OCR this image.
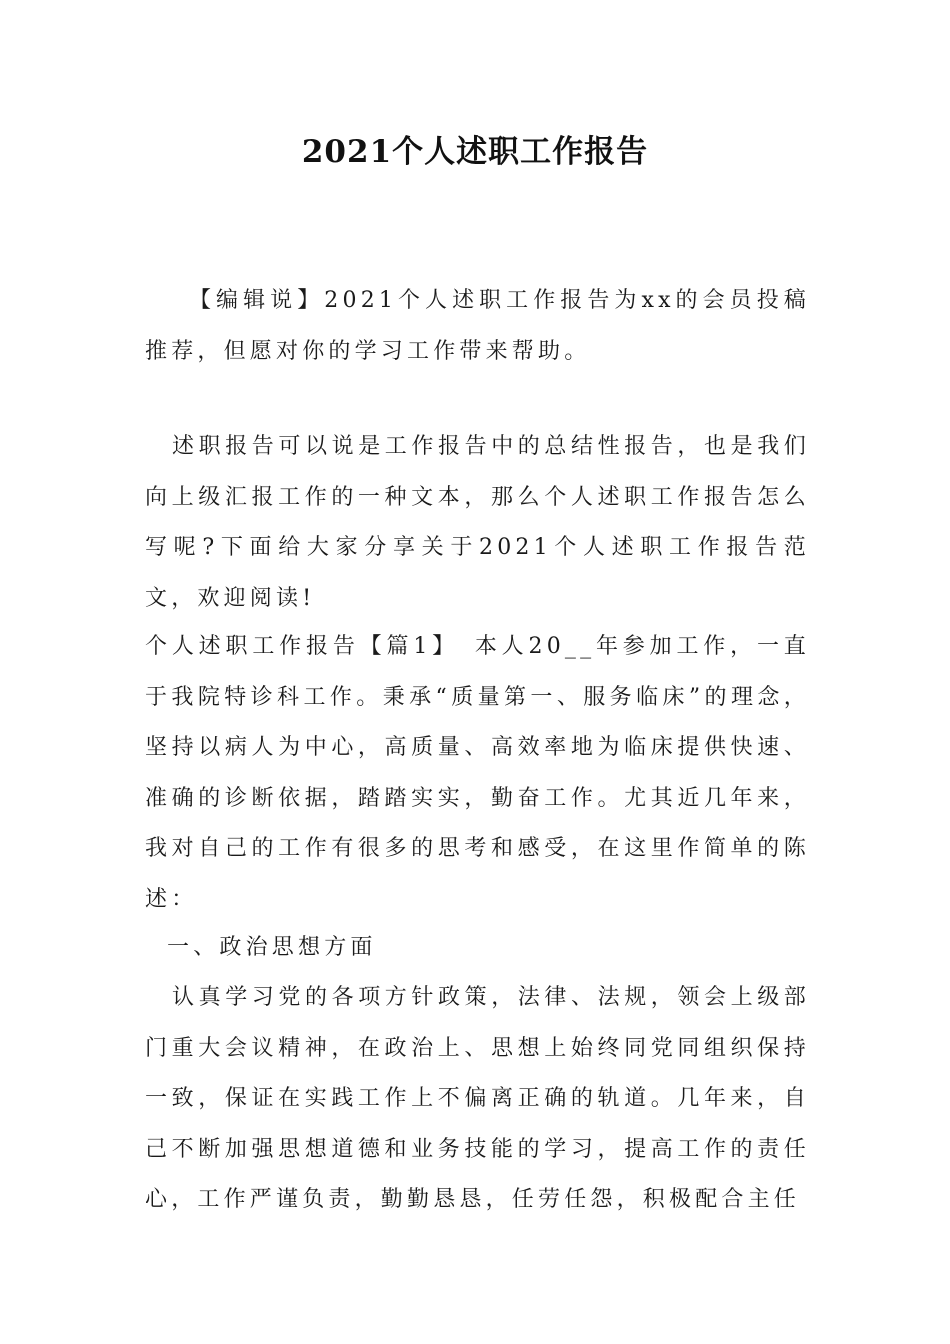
2021个人述职工作报告

【编辑说】2021个人述职工作报告为xx的会员投稿推荐，但愿对你的学习工作带来帮助。

述职报告可以说是工作报告中的总结性报告，也是我们向上级汇报工作的一种文本，那么个人述职工作报告怎么写呢?下面给大家分享关于2021个人述职工作报告范文，欢迎阅读!

个人述职工作报告【篇1】　本人20__年参加工作，一直于我院特诊科工作。秉承“质量第一、服务临床”的理念，坚持以病人为中心，高质量、高效率地为临床提供快速、准确的诊断依据，踏踏实实，勤奋工作。尤其近几年来，我对自己的工作有很多的思考和感受，在这里作简单的陈述：

一、政治思想方面

认真学习党的各项方针政策，法律、法规，领会上级部门重大会议精神，在政治上、思想上始终同党同组织保持一致，保证在实践工作上不偏离正确的轨道。几年来，自己不断加强思想道德和业务技能的学习，提高工作的责任心，工作严谨负责，勤勤恳恳，任劳任怨，积极配合主任
